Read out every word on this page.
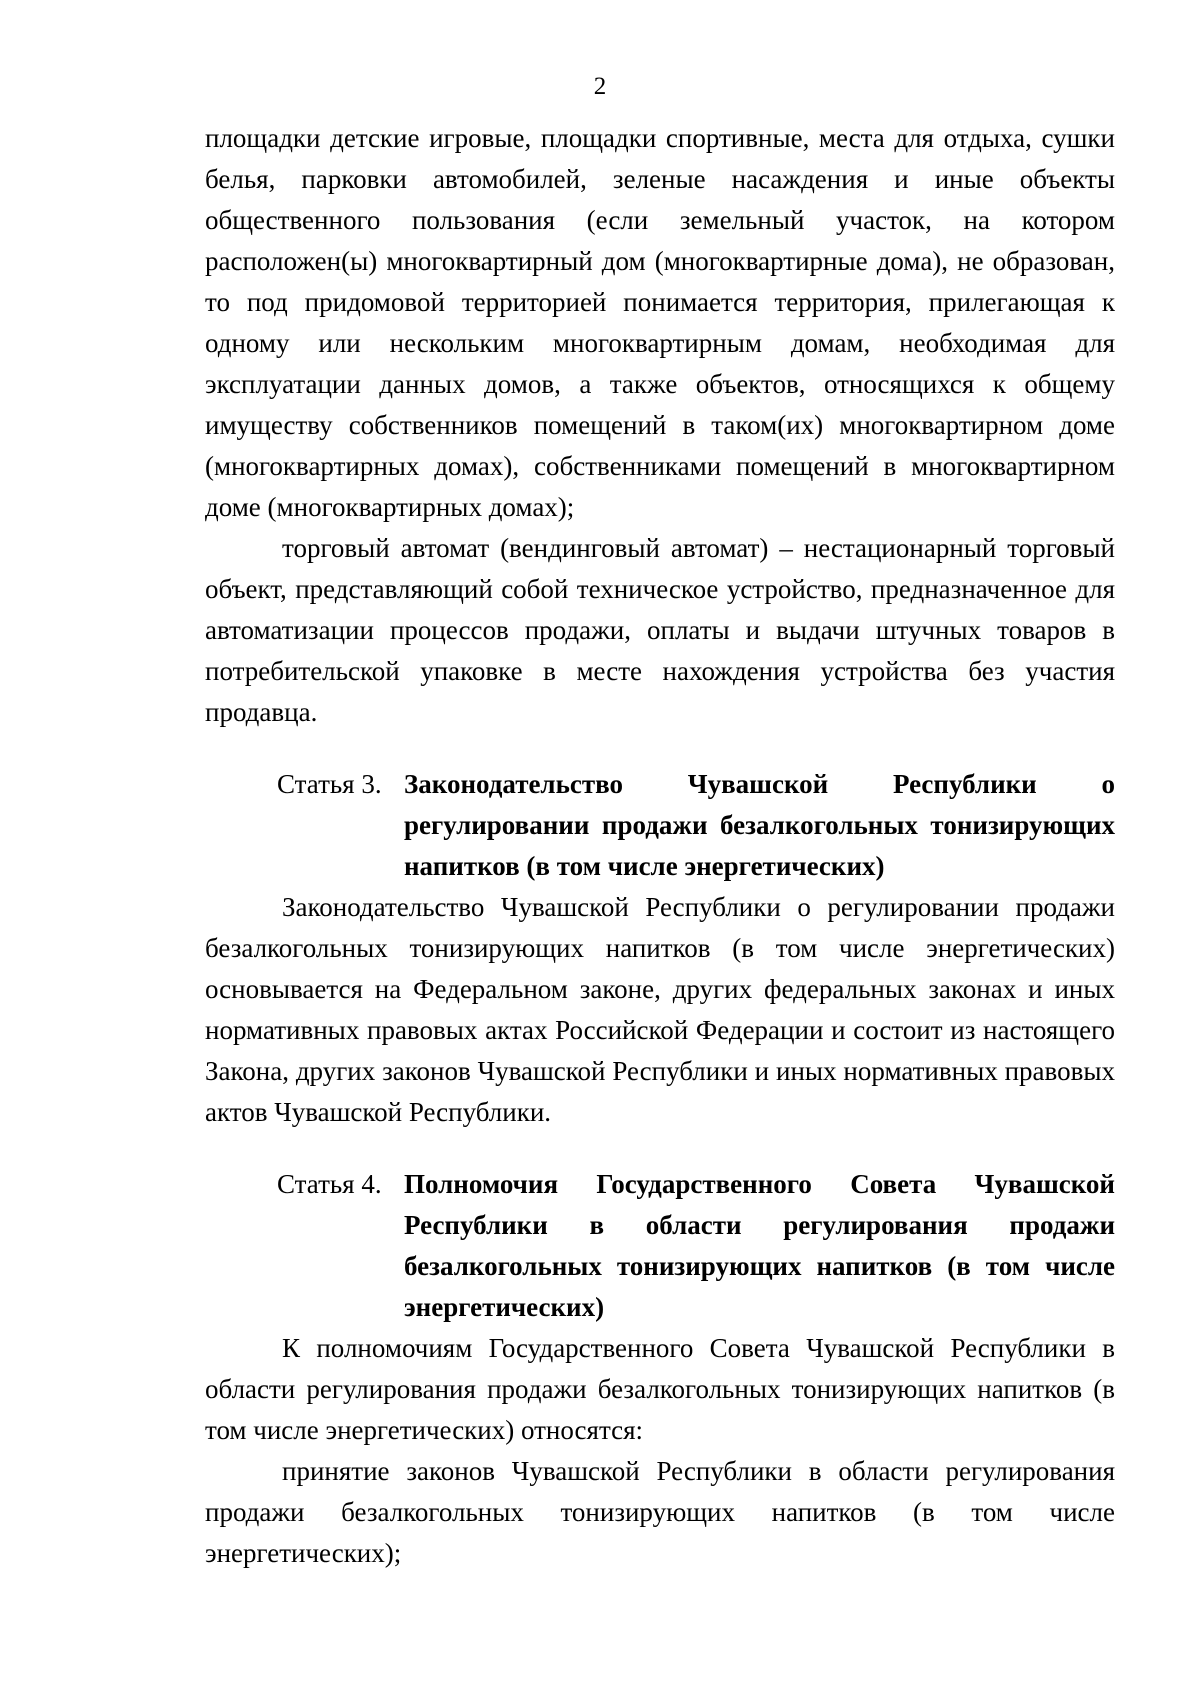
2

площадки детские игровые, площадки спортивные, места для отдыха, сушки белья, парковки автомобилей, зеленые насаждения и иные объекты общественного пользования (если земельный участок, на котором расположен(ы) многоквартирный дом (многоквартирные дома), не образован, то под придомовой территорией понимается территория, прилегающая к одному или нескольким многоквартирным домам, необходимая для эксплуатации данных домов, а также объектов, относящихся к общему имуществу собственников помещений в таком(их) многоквартирном доме (многоквартирных домах), собственниками помещений в многоквартирном доме (многоквартирных домах);

торговый автомат (вендинговый автомат) – нестационарный торговый объект, представляющий собой техническое устройство, предназначенное для автоматизации процессов продажи, оплаты и выдачи штучных товаров в потребительской упаковке в месте нахождения устройства без участия продавца.

Статья 3. Законодательство Чувашской Республики о регулировании продажи безалкогольных тонизирующих напитков (в том числе энергетических)

Законодательство Чувашской Республики о регулировании продажи безалкогольных тонизирующих напитков (в том числе энергетических) основывается на Федеральном законе, других федеральных законах и иных нормативных правовых актах Российской Федерации и состоит из настоящего Закона, других законов Чувашской Республики и иных нормативных правовых актов Чувашской Республики.

Статья 4. Полномочия Государственного Совета Чувашской Республики в области регулирования продажи безалкогольных тонизирующих напитков (в том числе энергетических)

К полномочиям Государственного Совета Чувашской Республики в области регулирования продажи безалкогольных тонизирующих напитков (в том числе энергетических) относятся:

принятие законов Чувашской Республики в области регулирования продажи безалкогольных тонизирующих напитков (в том числе энергетических);
